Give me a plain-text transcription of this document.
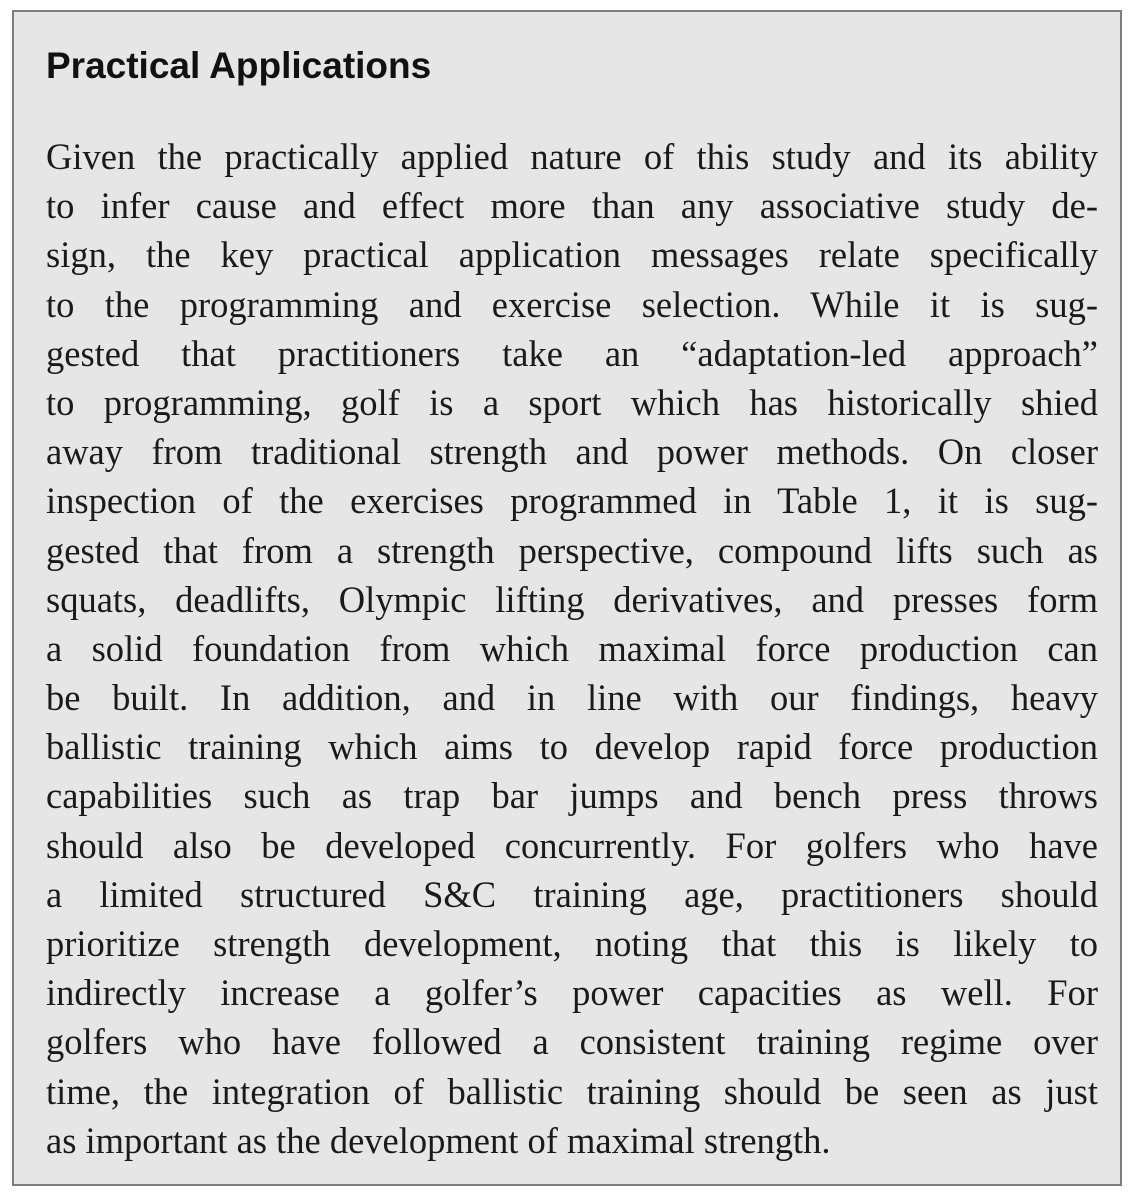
Practical Applications
Given the practically applied nature of this study and its ability
to infer cause and effect more than any associative study de-
sign, the key practical application messages relate specifically
to the programming and exercise selection. While it is sug-
gested that practitioners take an “adaptation-led approach”
to programming, golf is a sport which has historically shied
away from traditional strength and power methods. On closer
inspection of the exercises programmed in Table 1, it is sug-
gested that from a strength perspective, compound lifts such as
squats, deadlifts, Olympic lifting derivatives, and presses form
a solid foundation from which maximal force production can
be built. In addition, and in line with our findings, heavy
ballistic training which aims to develop rapid force production
capabilities such as trap bar jumps and bench press throws
should also be developed concurrently. For golfers who have
a limited structured S&C training age, practitioners should
prioritize strength development, noting that this is likely to
indirectly increase a golfer’s power capacities as well. For
golfers who have followed a consistent training regime over
time, the integration of ballistic training should be seen as just
as important as the development of maximal strength.
